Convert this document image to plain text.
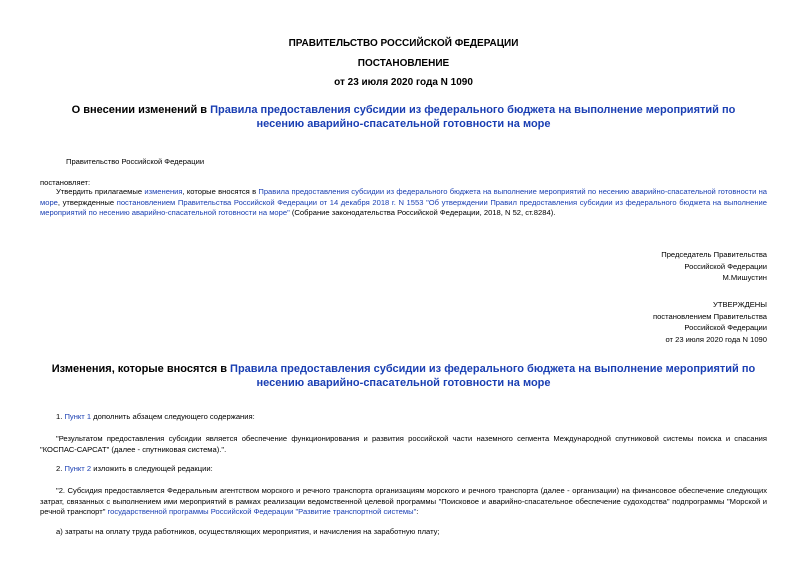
ПРАВИТЕЛЬСТВО РОССИЙСКОЙ ФЕДЕРАЦИИ
ПОСТАНОВЛЕНИЕ
от 23 июля 2020 года N 1090
О внесении изменений в Правила предоставления субсидии из федерального бюджета на выполнение мероприятий по несению аварийно-спасательной готовности на море
Правительство Российской Федерации
постановляет:
Утвердить прилагаемые изменения, которые вносятся в Правила предоставления субсидии из федерального бюджета на выполнение мероприятий по несению аварийно-спасательной готовности на море, утвержденные постановлением Правительства Российской Федерации от 14 декабря 2018 г. N 1553 "Об утверждении Правил предоставления субсидии из федерального бюджета на выполнение мероприятий по несению аварийно-спасательной готовности на море" (Собрание законодательства Российской Федерации, 2018, N 52, ст.8284).
Председатель Правительства
Российской Федерации
М.Мишустин
УТВЕРЖДЕНЫ
постановлением Правительства
Российской Федерации
от 23 июля 2020 года N 1090
Изменения, которые вносятся в Правила предоставления субсидии из федерального бюджета на выполнение мероприятий по несению аварийно-спасательной готовности на море
1. Пункт 1 дополнить абзацем следующего содержания:
"Результатом предоставления субсидии является обеспечение функционирования и развития российской части наземного сегмента Международной спутниковой системы поиска и спасания "КОСПАС-САРСАТ" (далее - спутниковая система).".
2. Пункт 2 изложить в следующей редакции:
"2. Субсидия предоставляется Федеральным агентством морского и речного транспорта организациям морского и речного транспорта (далее - организации) на финансовое обеспечение следующих затрат, связанных с выполнением ими мероприятий в рамках реализации ведомственной целевой программы "Поисковое и аварийно-спасательное обеспечение судоходства" подпрограммы "Морской и речной транспорт" государственной программы Российской Федерации "Развитие транспортной системы":
а) затраты на оплату труда работников, осуществляющих мероприятия, и начисления на заработную плату;
